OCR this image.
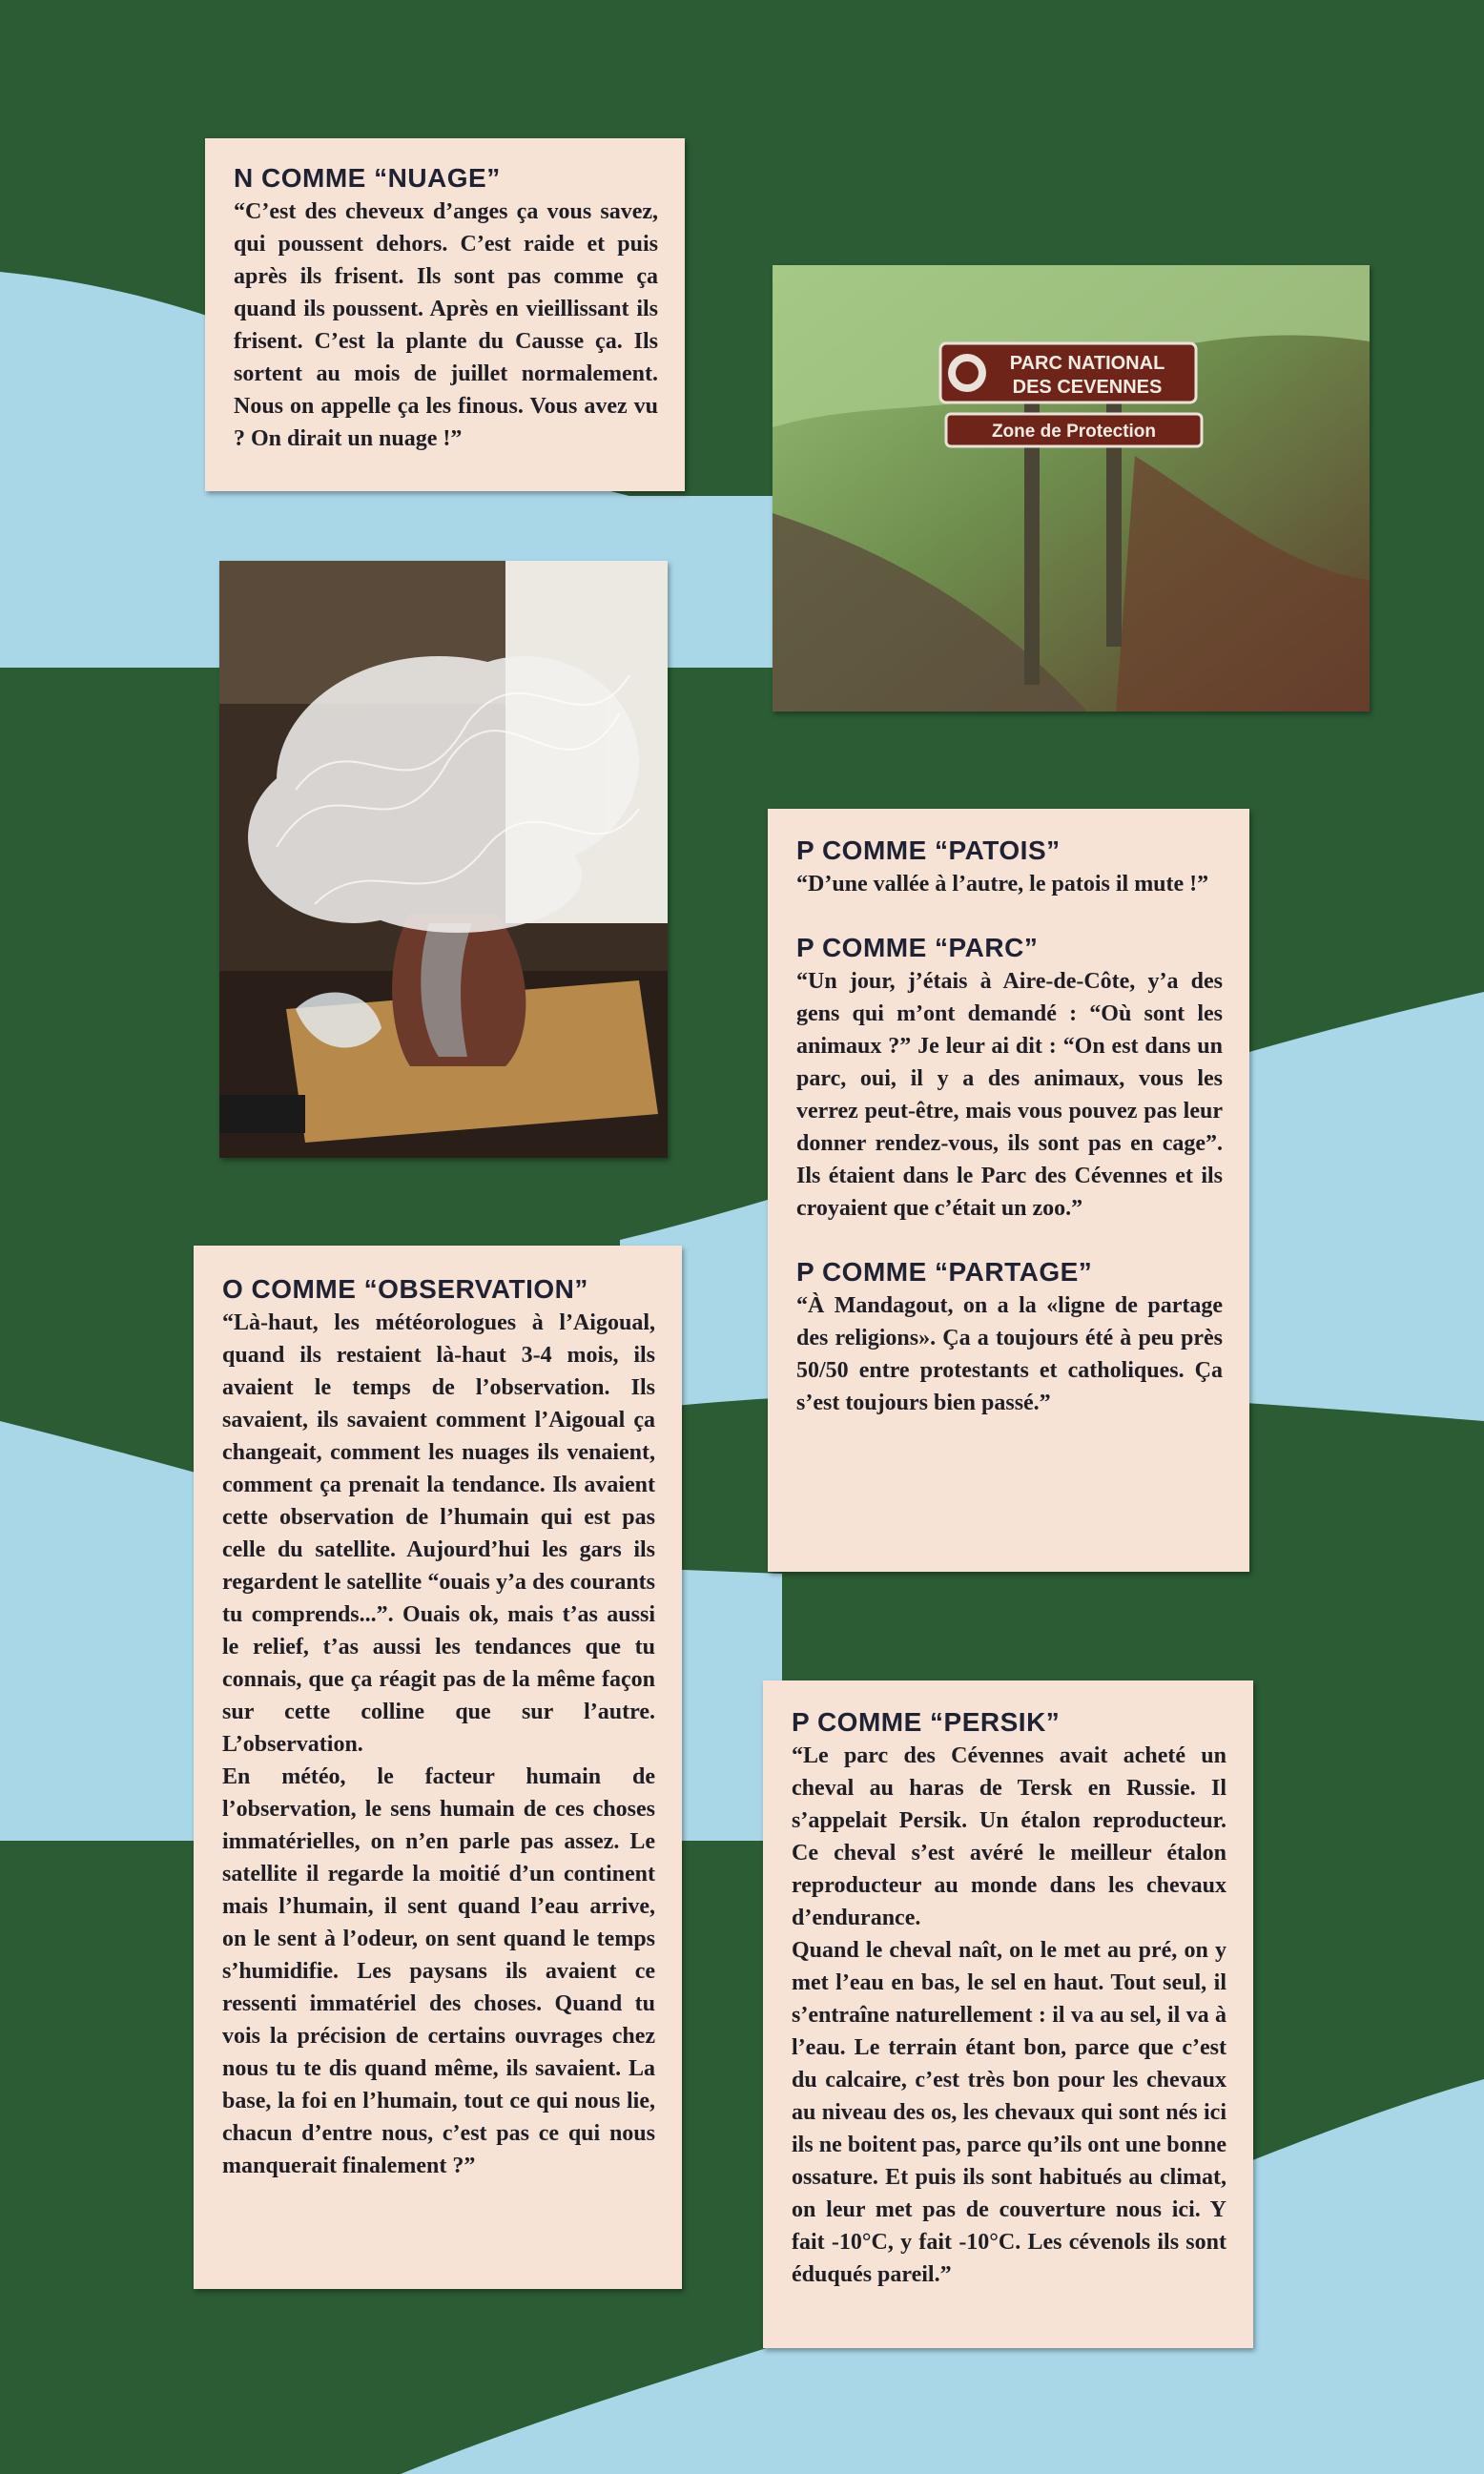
PARC NATIONAL
DES CEVENNES
Zone de Protection
N COMME “NUAGE”

“C’est des cheveux d’anges ça vous savez, qui poussent dehors. C’est raide et puis après ils frisent. Ils sont pas comme ça quand ils poussent. Après en vieillissant ils frisent. C’est la plante du Causse ça. Ils sortent au mois de juillet normalement. Nous on appelle ça les finous. Vous avez vu ? On dirait un nuage !”

P COMME “PATOIS”

“D’une vallée à l’autre, le patois il mute !”

P COMME “PARC”

“Un jour, j’étais à Aire-de-Côte, y’a des gens qui m’ont demandé : “Où sont les animaux ?” Je leur ai dit : “On est dans un parc, oui, il y a des animaux, vous les verrez peut-être, mais vous pouvez pas leur donner rendez-vous, ils sont pas en cage”. Ils étaient dans le Parc des Cévennes et ils croyaient que c’était un zoo.”

P COMME “PARTAGE”

“À Mandagout, on a la «ligne de partage des religions». Ça a toujours été à peu près 50/50 entre protestants et catholiques. Ça s’est toujours bien passé.”

O COMME “OBSERVATION”

“Là-haut, les météorologues à l’Aigoual, quand ils restaient là-haut 3-4 mois, ils avaient le temps de l’observation. Ils savaient, ils savaient comment l’Aigoual ça changeait, comment les nuages ils venaient, comment ça prenait la tendance. Ils avaient cette observation de l’humain qui est pas celle du satellite. Aujourd’hui les gars ils regardent le satellite “ouais y’a des courants tu comprends...”. Ouais ok, mais t’as aussi le relief, t’as aussi les tendances que tu connais, que ça réagit pas de la même façon sur cette colline que sur l’autre. L’observation.

En météo, le facteur humain de l’observation, le sens humain de ces choses immatérielles, on n’en parle pas assez. Le satellite il regarde la moitié d’un continent mais l’humain, il sent quand l’eau arrive, on le sent à l’odeur, on sent quand le temps s’humidifie. Les paysans ils avaient ce ressenti immatériel des choses. Quand tu vois la précision de certains ouvrages chez nous tu te dis quand même, ils savaient. La base, la foi en l’humain, tout ce qui nous lie, chacun d’entre nous, c’est pas ce qui nous manquerait finalement ?”

P COMME “PERSIK”

“Le parc des Cévennes avait acheté un cheval au haras de Tersk en Russie. Il s’appelait Persik. Un étalon reproducteur. Ce cheval s’est avéré le meilleur étalon reproducteur au monde dans les chevaux d’endurance.

Quand le cheval naît, on le met au pré, on y met l’eau en bas, le sel en haut. Tout seul, il s’entraîne naturellement : il va au sel, il va à l’eau. Le terrain étant bon, parce que c’est du calcaire, c’est très bon pour les chevaux au niveau des os, les chevaux qui sont nés ici ils ne boitent pas, parce qu’ils ont une bonne ossature. Et puis ils sont habitués au climat, on leur met pas de couverture nous ici. Y fait -10°C, y fait -10°C. Les cévenols ils sont éduqués pareil.”
